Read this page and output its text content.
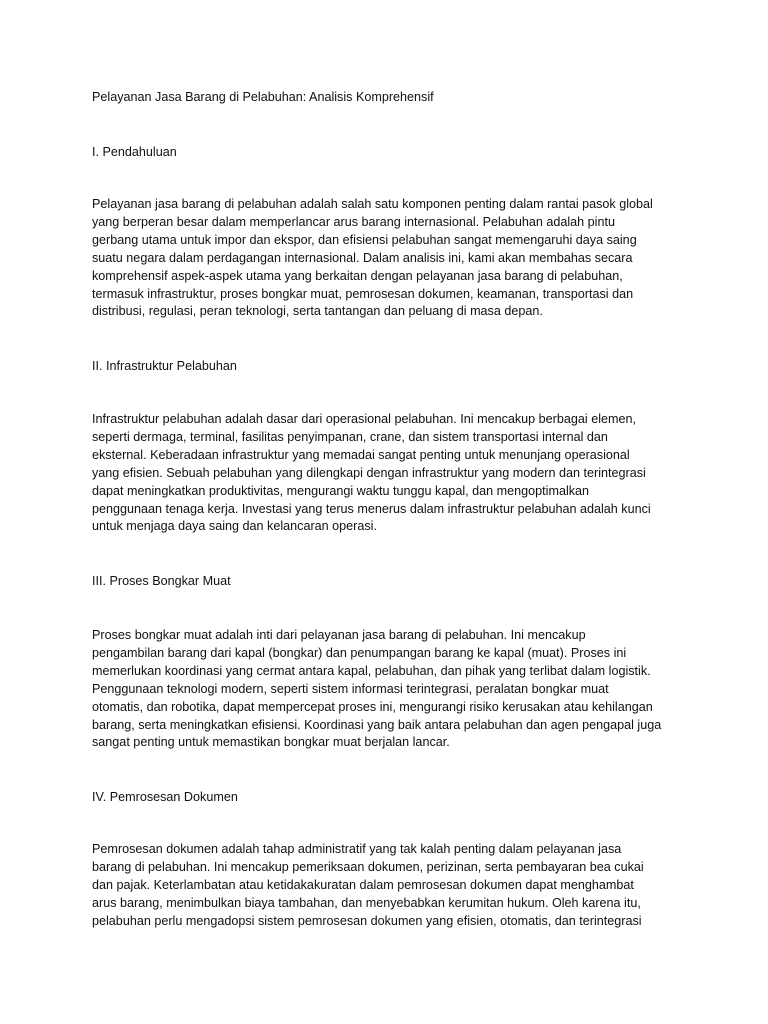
Pelayanan Jasa Barang di Pelabuhan: Analisis Komprehensif

I. Pendahuluan

Pelayanan jasa barang di pelabuhan adalah salah satu komponen penting dalam rantai pasok global
yang berperan besar dalam memperlancar arus barang internasional. Pelabuhan adalah pintu
gerbang utama untuk impor dan ekspor, dan efisiensi pelabuhan sangat memengaruhi daya saing
suatu negara dalam perdagangan internasional. Dalam analisis ini, kami akan membahas secara
komprehensif aspek-aspek utama yang berkaitan dengan pelayanan jasa barang di pelabuhan,
termasuk infrastruktur, proses bongkar muat, pemrosesan dokumen, keamanan, transportasi dan
distribusi, regulasi, peran teknologi, serta tantangan dan peluang di masa depan.

II. Infrastruktur Pelabuhan

Infrastruktur pelabuhan adalah dasar dari operasional pelabuhan. Ini mencakup berbagai elemen,
seperti dermaga, terminal, fasilitas penyimpanan, crane, dan sistem transportasi internal dan
eksternal. Keberadaan infrastruktur yang memadai sangat penting untuk menunjang operasional
yang efisien. Sebuah pelabuhan yang dilengkapi dengan infrastruktur yang modern dan terintegrasi
dapat meningkatkan produktivitas, mengurangi waktu tunggu kapal, dan mengoptimalkan
penggunaan tenaga kerja. Investasi yang terus menerus dalam infrastruktur pelabuhan adalah kunci
untuk menjaga daya saing dan kelancaran operasi.

III. Proses Bongkar Muat

Proses bongkar muat adalah inti dari pelayanan jasa barang di pelabuhan. Ini mencakup
pengambilan barang dari kapal (bongkar) dan penumpangan barang ke kapal (muat). Proses ini
memerlukan koordinasi yang cermat antara kapal, pelabuhan, dan pihak yang terlibat dalam logistik.
Penggunaan teknologi modern, seperti sistem informasi terintegrasi, peralatan bongkar muat
otomatis, dan robotika, dapat mempercepat proses ini, mengurangi risiko kerusakan atau kehilangan
barang, serta meningkatkan efisiensi. Koordinasi yang baik antara pelabuhan dan agen pengapal juga
sangat penting untuk memastikan bongkar muat berjalan lancar.

IV. Pemrosesan Dokumen

Pemrosesan dokumen adalah tahap administratif yang tak kalah penting dalam pelayanan jasa
barang di pelabuhan. Ini mencakup pemeriksaan dokumen, perizinan, serta pembayaran bea cukai
dan pajak. Keterlambatan atau ketidakakuratan dalam pemrosesan dokumen dapat menghambat
arus barang, menimbulkan biaya tambahan, dan menyebabkan kerumitan hukum. Oleh karena itu,
pelabuhan perlu mengadopsi sistem pemrosesan dokumen yang efisien, otomatis, dan terintegrasi
